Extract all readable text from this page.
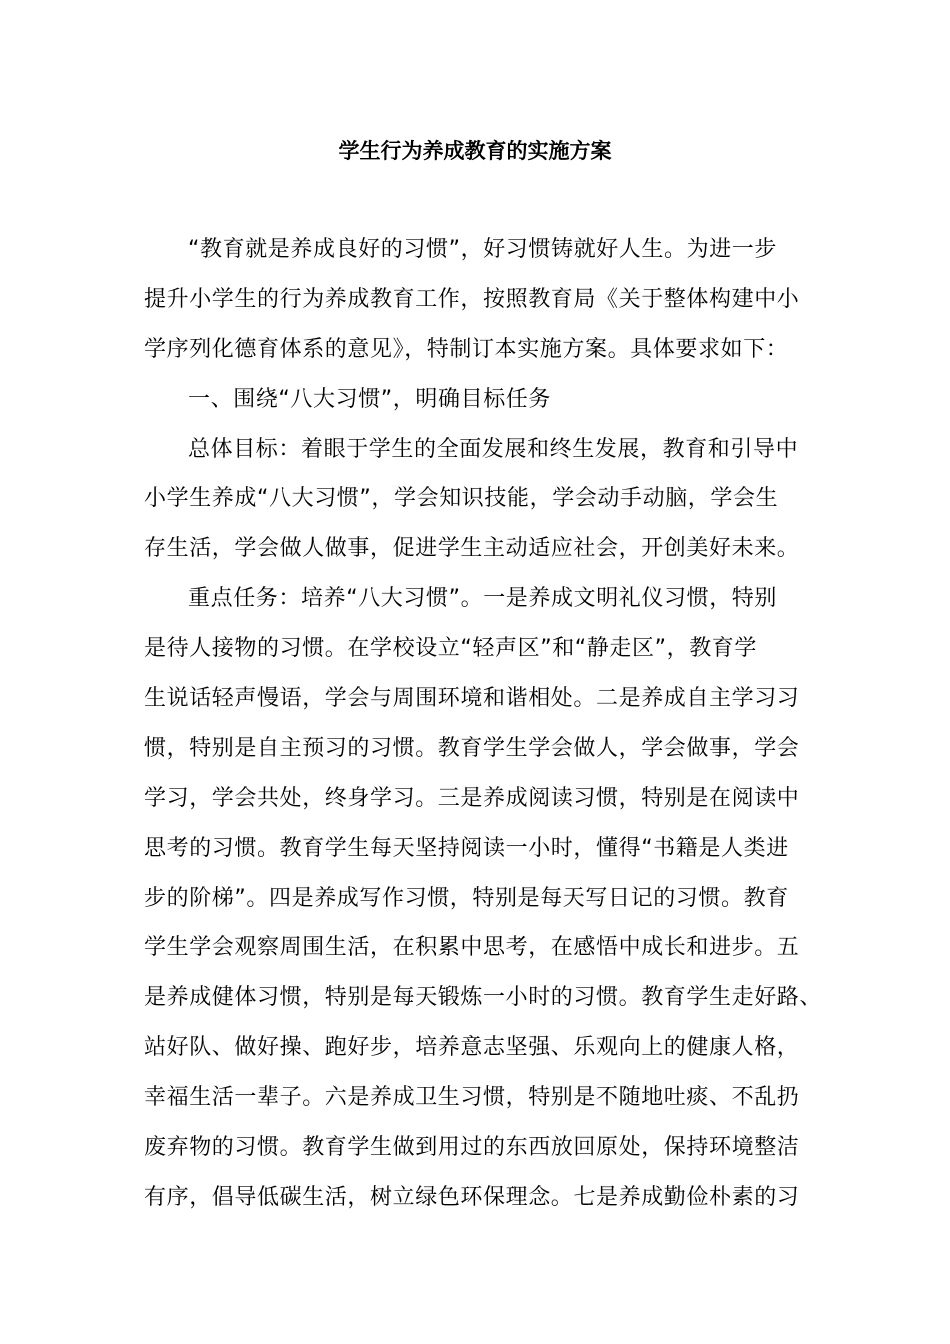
学生行为养成教育的实施方案
“教育就是养成良好的习惯”，好习惯铸就好人生。为进一步
提升小学生的行为养成教育工作，按照教育局《关于整体构建中小
学序列化德育体系的意见》，特制订本实施方案。具体要求如下：
一、围绕“八大习惯”，明确目标任务
总体目标：着眼于学生的全面发展和终生发展，教育和引导中
小学生养成“八大习惯”，学会知识技能，学会动手动脑，学会生
存生活，学会做人做事，促进学生主动适应社会，开创美好未来。
重点任务：培养“八大习惯”。一是养成文明礼仪习惯，特别
是待人接物的习惯。在学校设立“轻声区”和“静走区”，教育学
生说话轻声慢语，学会与周围环境和谐相处。二是养成自主学习习
惯，特别是自主预习的习惯。教育学生学会做人，学会做事，学会
学习，学会共处，终身学习。三是养成阅读习惯，特别是在阅读中
思考的习惯。教育学生每天坚持阅读一小时，懂得“书籍是人类进
步的阶梯”。四是养成写作习惯，特别是每天写日记的习惯。教育
学生学会观察周围生活，在积累中思考，在感悟中成长和进步。五
是养成健体习惯，特别是每天锻炼一小时的习惯。教育学生走好路、
站好队、做好操、跑好步，培养意志坚强、乐观向上的健康人格，
幸福生活一辈子。六是养成卫生习惯，特别是不随地吐痰、不乱扔
废弃物的习惯。教育学生做到用过的东西放回原处，保持环境整洁
有序，倡导低碳生活，树立绿色环保理念。七是养成勤俭朴素的习
